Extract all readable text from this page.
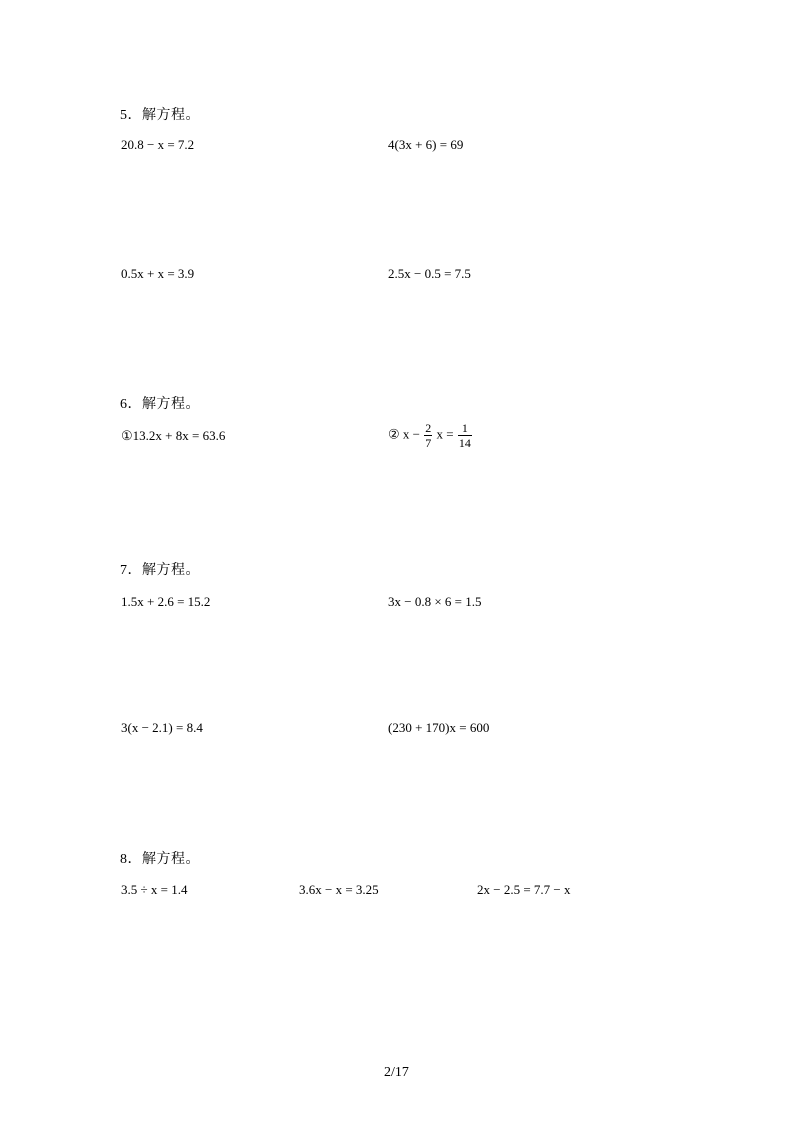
5．解方程。
20.8 − x = 7.2	4(3x + 6) = 69
0.5x + x = 3.9	2.5x − 0.5 = 7.5
6．解方程。
①13.2x + 8x = 63.6	② $x - \frac{2}{7}$ $x = \frac{1}{14}$
7．解方程。
1.5x + 2.6 = 15.2	3x − 0.8 × 6 = 1.5
3(x − 2.1) = 8.4	(230 + 170)x = 600
8．解方程。
3.5 ÷ x = 1.4	3.6x − x = 3.25	2x − 2.5 = 7.7 − x
2/17
